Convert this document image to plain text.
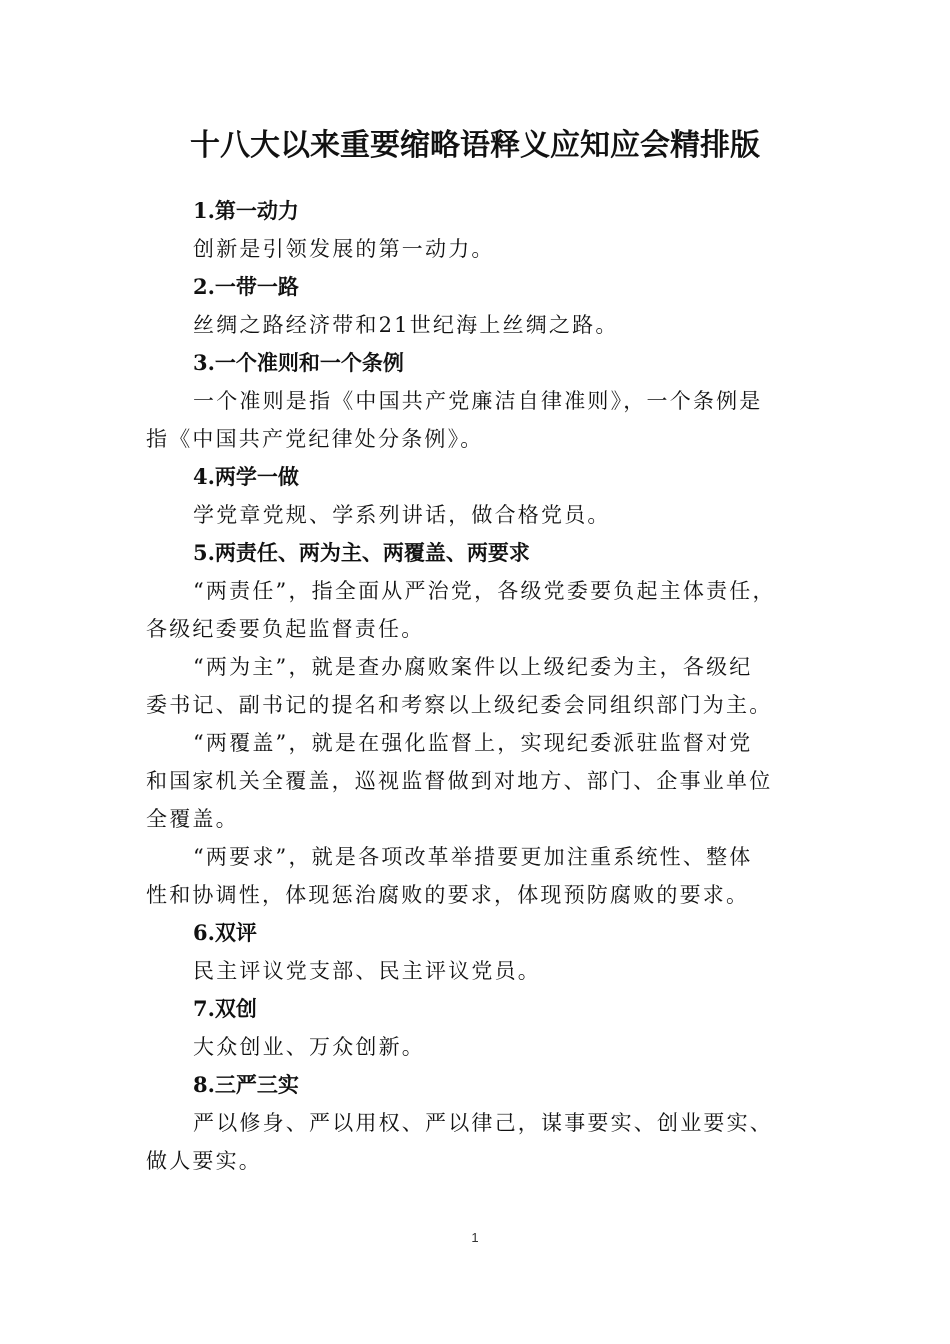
十八大以来重要缩略语释义应知应会精排版
1.第一动力

创新是引领发展的第一动力。

2.一带一路

丝绸之路经济带和21世纪海上丝绸之路。

3.一个准则和一个条例

一个准则是指《中国共产党廉洁自律准则》，一个条例是
指《中国共产党纪律处分条例》。

4.两学一做

学党章党规、学系列讲话，做合格党员。

5.两责任、两为主、两覆盖、两要求

“两责任”，指全面从严治党，各级党委要负起主体责任，
各级纪委要负起监督责任。

“两为主”，就是查办腐败案件以上级纪委为主，各级纪
委书记、副书记的提名和考察以上级纪委会同组织部门为主。

“两覆盖”，就是在强化监督上，实现纪委派驻监督对党
和国家机关全覆盖，巡视监督做到对地方、部门、企事业单位
全覆盖。

“两要求”，就是各项改革举措要更加注重系统性、整体
性和协调性，体现惩治腐败的要求，体现预防腐败的要求。

6.双评

民主评议党支部、民主评议党员。

7.双创

大众创业、万众创新。

8.三严三实

严以修身、严以用权、严以律己，谋事要实、创业要实、
做人要实。

1
